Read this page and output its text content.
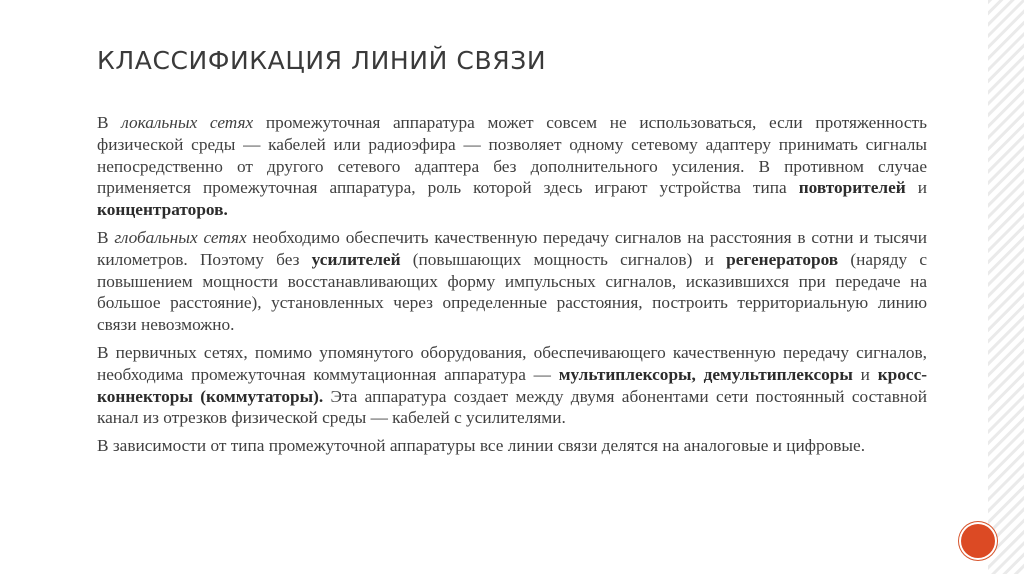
КЛАССИФИКАЦИЯ ЛИНИЙ СВЯЗИ

В локальных сетях промежуточная аппаратура может совсем не использоваться, если протяженность физической среды — кабелей или радиоэфира — позволяет одному сетевому адаптеру принимать сигналы непосредственно от другого сетевого адаптера без дополнительного усиления. В противном случае применяется промежуточная аппаратура, роль которой здесь играют устройства типа повторителей и концентраторов.

В глобальных сетях необходимо обеспечить качественную передачу сигналов на расстояния в сотни и тысячи километров. Поэтому без усилителей (повышающих мощность сигналов) и регенераторов (наряду с повышением мощности восстанавливающих форму импульсных сигналов, исказившихся при передаче на большое расстояние), установленных через определенные расстояния, построить территориальную линию связи невозможно.

В первичных сетях, помимо упомянутого оборудования, обеспечивающего качественную передачу сигналов, необходима промежуточная коммутационная аппаратура — мультиплексоры, демультиплексоры и кросс-коннекторы (коммутаторы). Эта аппаратура создает между двумя абонентами сети постоянный составной канал из отрезков физической среды — кабелей с усилителями.

В зависимости от типа промежуточной аппаратуры все линии связи делятся на аналоговые и цифровые.
